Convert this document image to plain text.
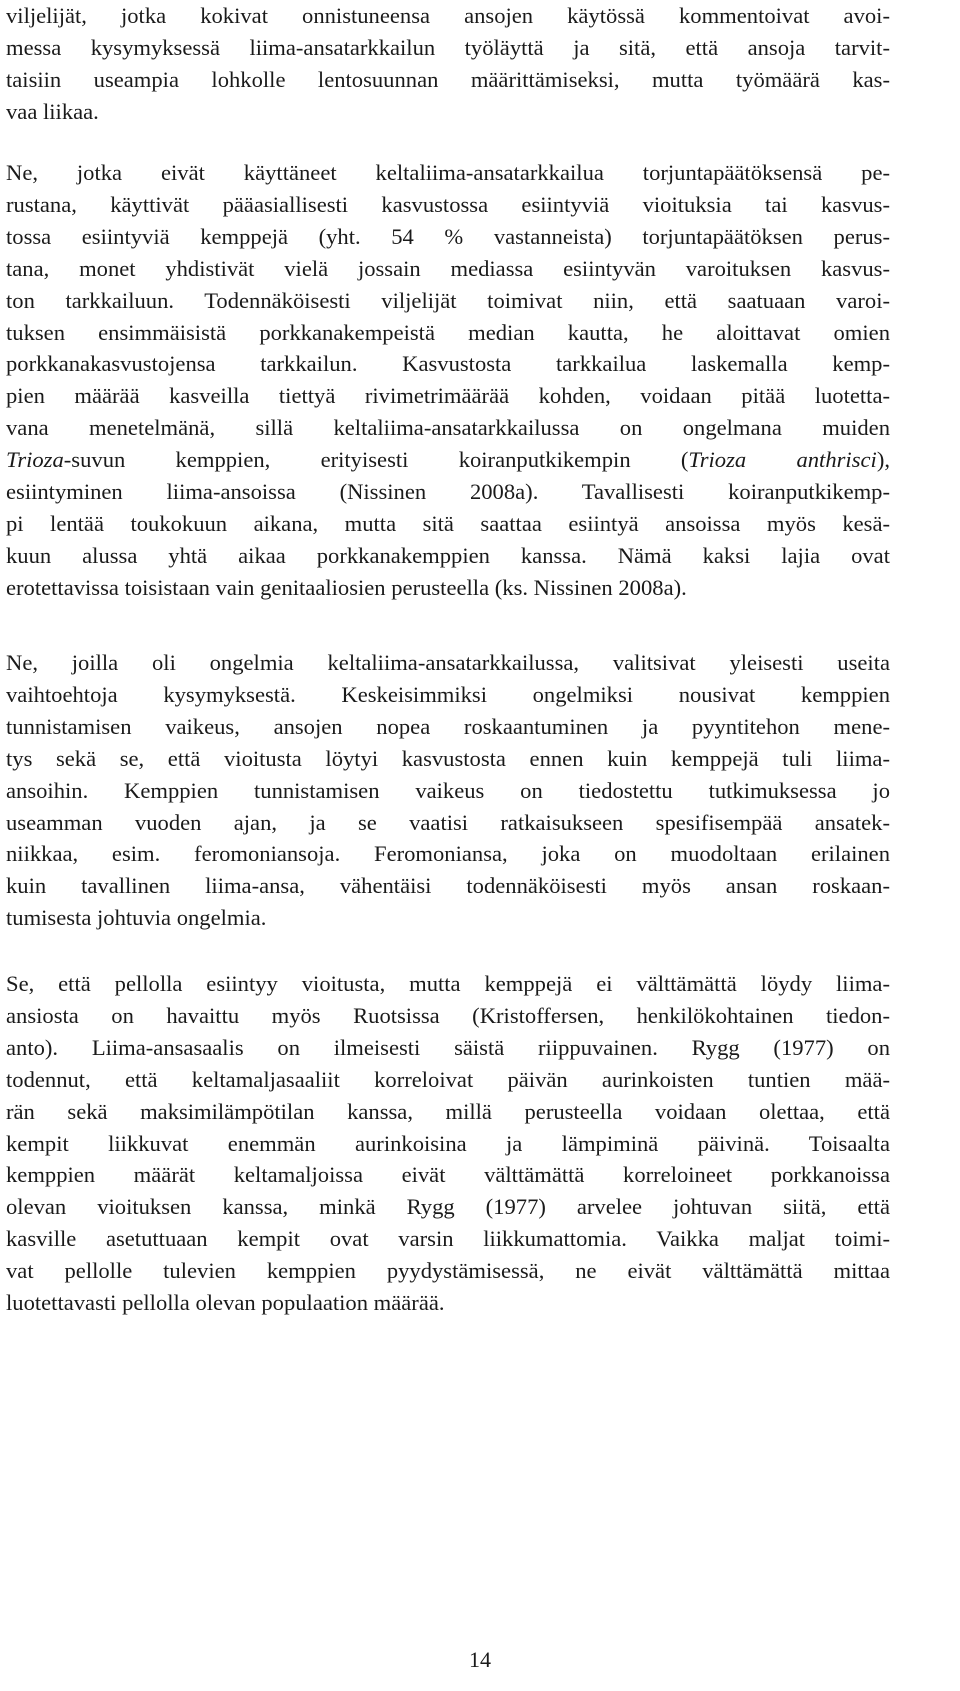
viljelijät, jotka kokivat onnistuneensa ansojen käytössä kommentoivat avoi-
messa kysymyksessä liima-ansatarkkailun työläyttä ja sitä, että ansoja tarvit-
taisiin useampia lohkolle lentosuunnan määrittämiseksi, mutta työmäärä kas-
vaa liikaa.
Ne, jotka eivät käyttäneet keltaliima-ansatarkkailua torjuntapäätöksensä pe-
rustana, käyttivät pääasiallisesti kasvustossa esiintyviä vioituksia tai kasvus-
tossa esiintyviä kemppejä (yht. 54 % vastanneista) torjuntapäätöksen perus-
tana, monet yhdistivät vielä jossain mediassa esiintyvän varoituksen kasvus-
ton tarkkailuun. Todennäköisesti viljelijät toimivat niin, että saatuaan varoi-
tuksen ensimmäisistä porkkanakempeistä median kautta, he aloittavat omien
porkkanakasvustojensa tarkkailun. Kasvustosta tarkkailua laskemalla kemp-
pien määrää kasveilla tiettyä rivimetrimäärää kohden, voidaan pitää luotetta-
vana menetelmänä, sillä keltaliima-ansatarkkailussa on ongelmana muiden
Trioza-suvun kemppien, erityisesti koiranputkikempin (Trioza anthrisci),
esiintyminen liima-ansoissa (Nissinen 2008a). Tavallisesti koiranputkikemp-
pi lentää toukokuun aikana, mutta sitä saattaa esiintyä ansoissa myös kesä-
kuun alussa yhtä aikaa porkkanakemppien kanssa. Nämä kaksi lajia ovat
erotettavissa toisistaan vain genitaaliosien perusteella (ks. Nissinen 2008a).
Ne, joilla oli ongelmia keltaliima-ansatarkkailussa, valitsivat yleisesti useita
vaihtoehtoja kysymyksestä. Keskeisimmiksi ongelmiksi nousivat kemppien
tunnistamisen vaikeus, ansojen nopea roskaantuminen ja pyyntitehon mene-
tys sekä se, että vioitusta löytyi kasvustosta ennen kuin kemppejä tuli liima-
ansoihin. Kemppien tunnistamisen vaikeus on tiedostettu tutkimuksessa jo
useamman vuoden ajan, ja se vaatisi ratkaisukseen spesifisempää ansatek-
niikkaa, esim. feromoniansoja. Feromoniansa, joka on muodoltaan erilainen
kuin tavallinen liima-ansa, vähentäisi todennäköisesti myös ansan roskaan-
tumisesta johtuvia ongelmia.
Se, että pellolla esiintyy vioitusta, mutta kemppejä ei välttämättä löydy liima-
ansiosta on havaittu myös Ruotsissa (Kristoffersen, henkilökohtainen tiedon-
anto). Liima-ansasaalis on ilmeisesti säistä riippuvainen. Rygg (1977) on
todennut, että keltamaljasaaliit korreloivat päivän aurinkoisten tuntien mää-
rän sekä maksimilämpötilan kanssa, millä perusteella voidaan olettaa, että
kempit liikkuvat enemmän aurinkoisina ja lämpiminä päivinä. Toisaalta
kemppien määrät keltamaljoissa eivät välttämättä korreloineet porkkanoissa
olevan vioituksen kanssa, minkä Rygg (1977) arvelee johtuvan siitä, että
kasville asetuttuaan kempit ovat varsin liikkumattomia. Vaikka maljat toimi-
vat pellolle tulevien kemppien pyydystämisessä, ne eivät välttämättä mittaa
luotettavasti pellolla olevan populaation määrää.
14
